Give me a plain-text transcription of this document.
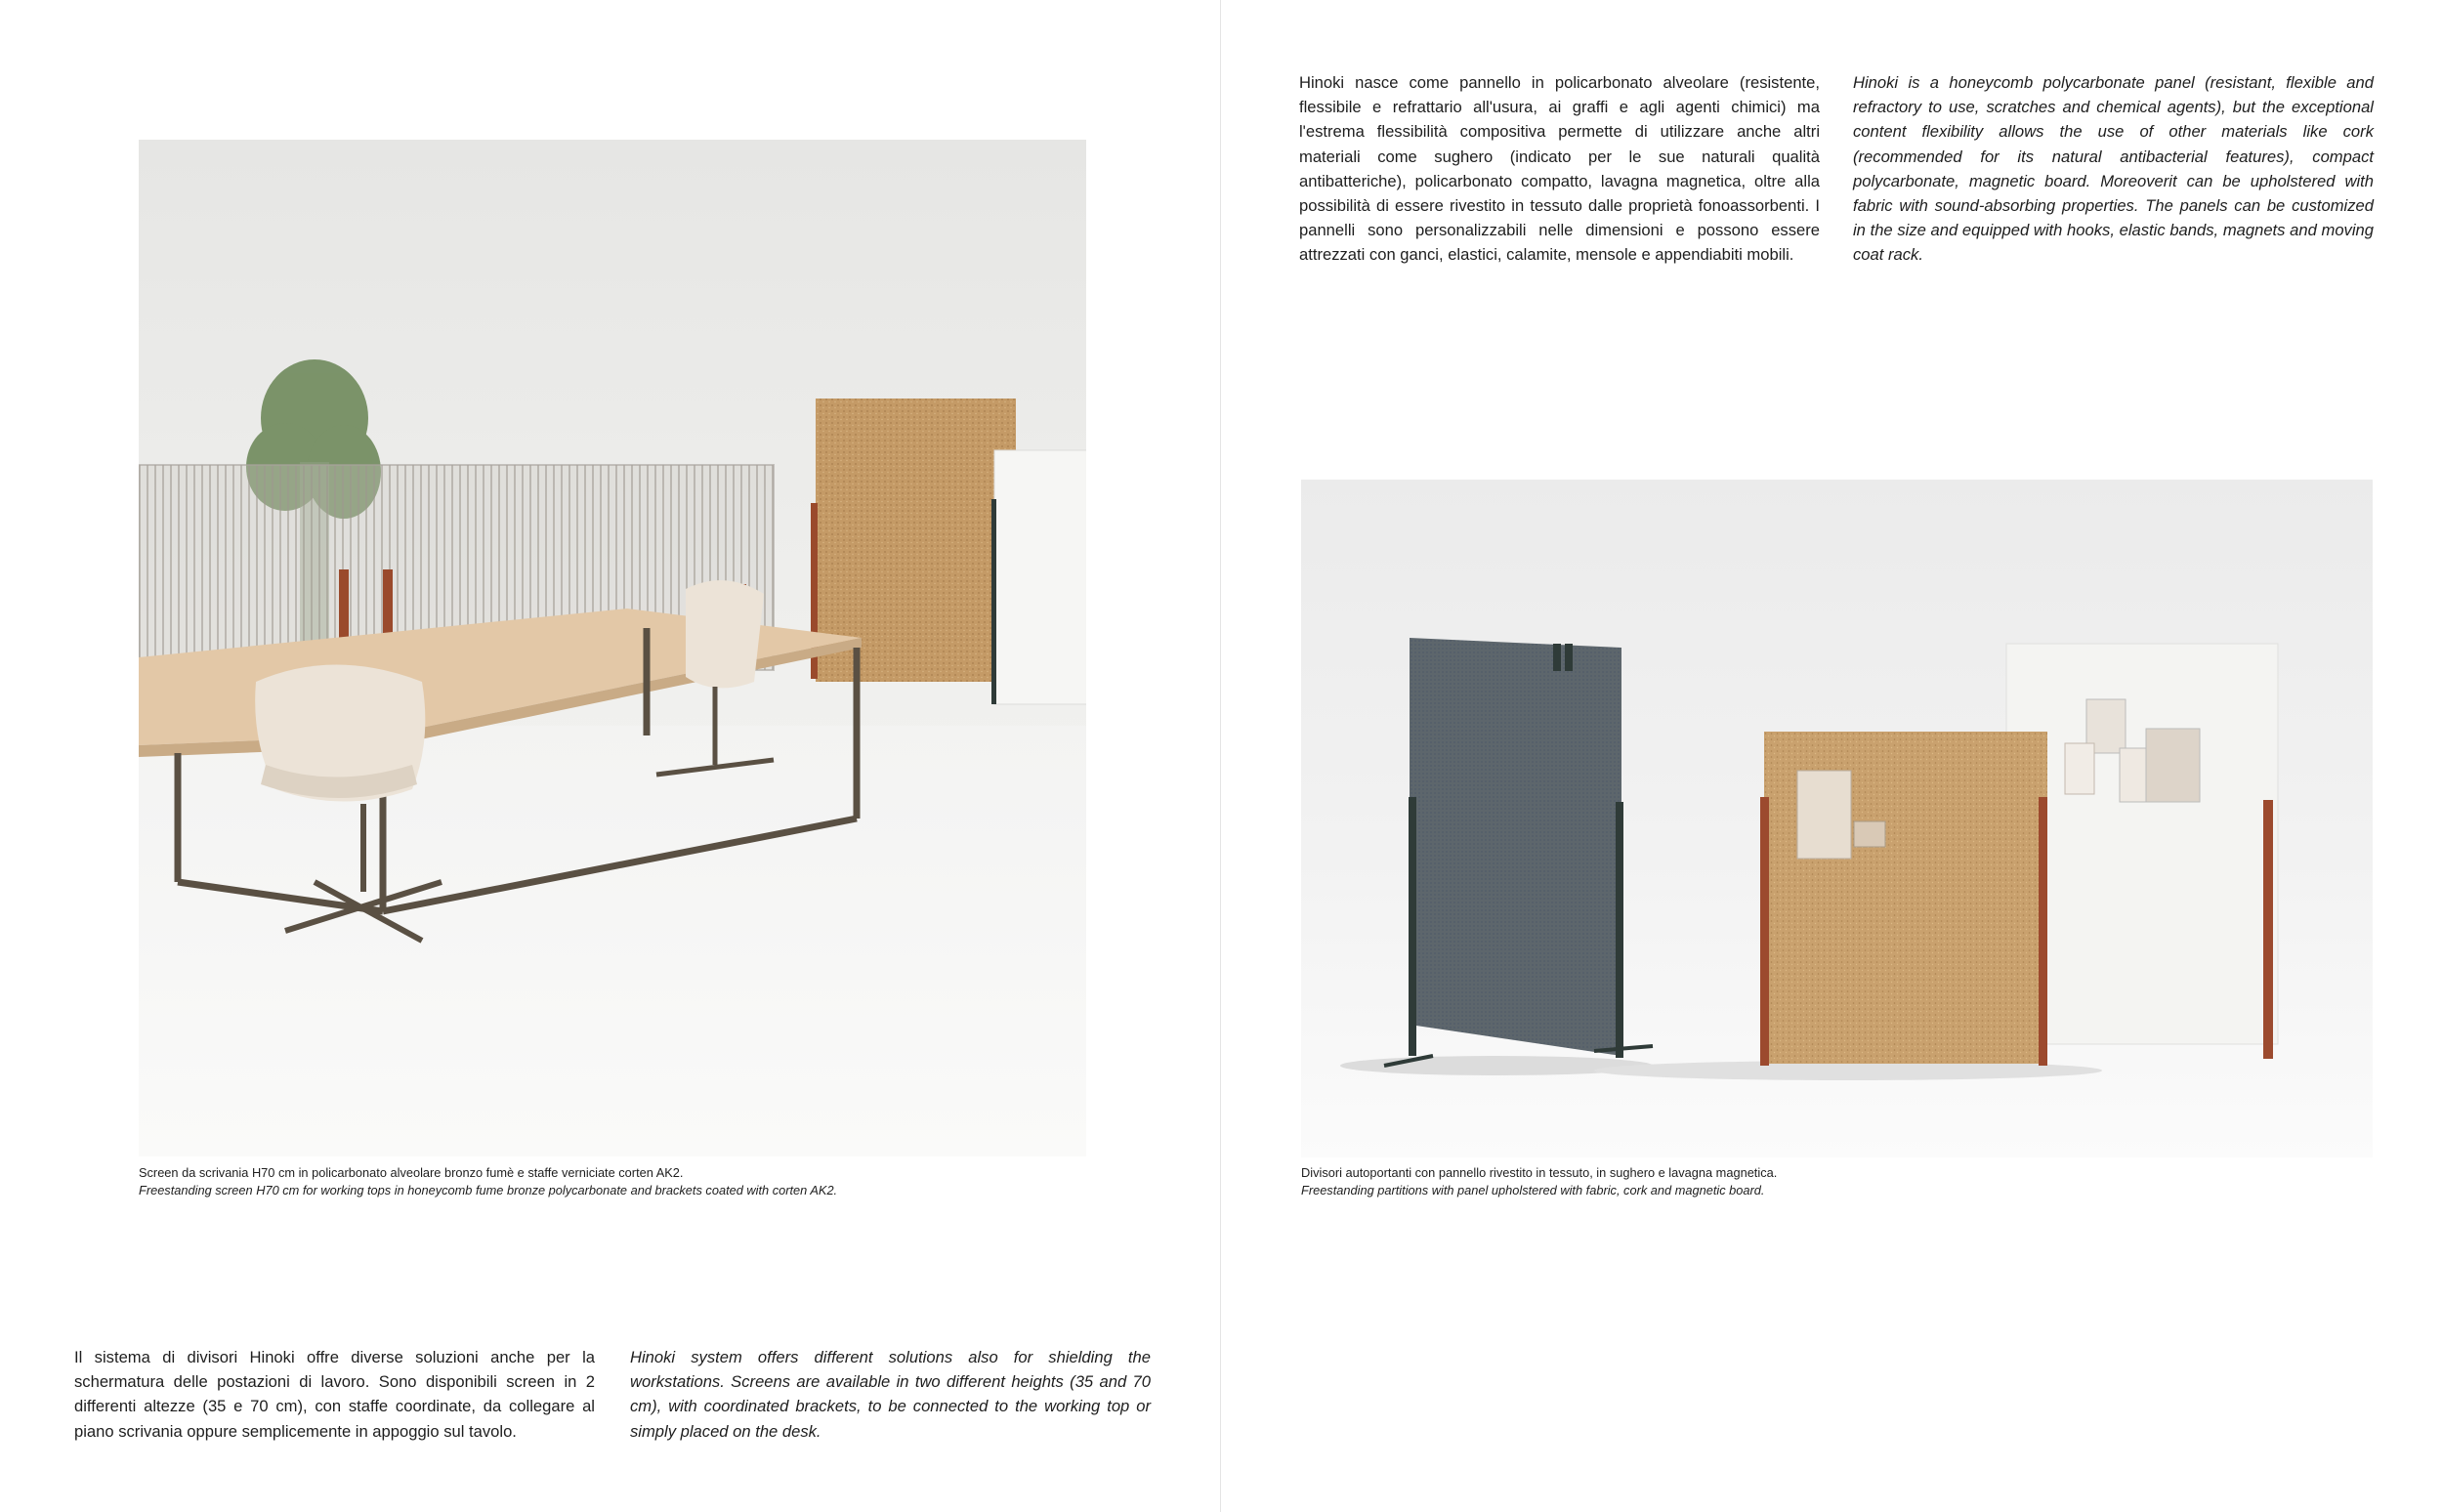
Screen da scrivania H70 cm in policarbonato alveolare bronzo fumè e staffe verniciate corten AK2.
Freestanding screen H70 cm for working tops in honeycomb fume bronze polycarbonate and brackets coated with corten AK2.

Il sistema di divisori Hinoki offre diverse soluzioni anche per la schermatura delle postazioni di lavoro. Sono disponibili screen in 2 differenti altezze (35 e 70 cm), con staffe coordinate, da collegare al piano scrivania oppure semplicemente in appoggio sul tavolo.

Hinoki system offers different solutions also for shielding the workstations. Screens are available in two different heights (35 and 70 cm), with coordinated brackets, to be connected to the working top or simply placed on the desk.

Hinoki nasce come pannello in policarbonato alveolare (resistente, flessibile e refrattario all'usura, ai graffi e agli agenti chimici) ma l'estrema flessibilità compositiva permette di utilizzare anche altri materiali come sughero (indicato per le sue naturali qualità antibatteriche), policarbonato compatto, lavagna magnetica, oltre alla possibilità di essere rivestito in tessuto dalle proprietà fonoassorbenti. I pannelli sono personalizzabili nelle dimensioni e possono essere attrezzati con ganci, elastici, calamite, mensole e appendiabiti mobili.

Hinoki is a honeycomb polycarbonate panel (resistant, flexible and refractory to use, scratches and chemical agents), but the exceptional content flexibility allows the use of other materials like cork (recommended for its natural antibacterial features), compact polycarbonate, magnetic board. Moreoverit can be upholstered with fabric with sound-absorbing properties. The panels can be customized in the size and equipped with hooks, elastic bands, magnets and moving coat rack.

Divisori autoportanti con pannello rivestito in tessuto, in sughero e lavagna magnetica.
Freestanding partitions with panel upholstered with fabric, cork and magnetic board.
